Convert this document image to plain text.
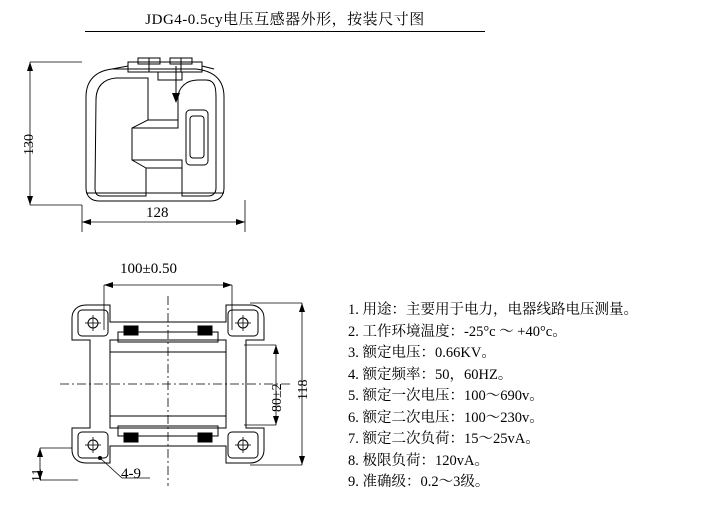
JDG4-0.5cy电压互感器外形，按装尺寸图
130
128
100±0.50
118
80±2
11	4-9
1. 用途：主要用于电力，电器线路电压测量。
2. 工作环境温度：-25°c ～ +40°c。
3. 额定电压：0.66KV。
4. 额定频率：50，60HZ。
5. 额定一次电压：100～690v。
6. 额定二次电压：100～230v。
7. 额定二次负荷：15～25vA。
8. 极限负荷：120vA。
9. 准确级：0.2～3级。
